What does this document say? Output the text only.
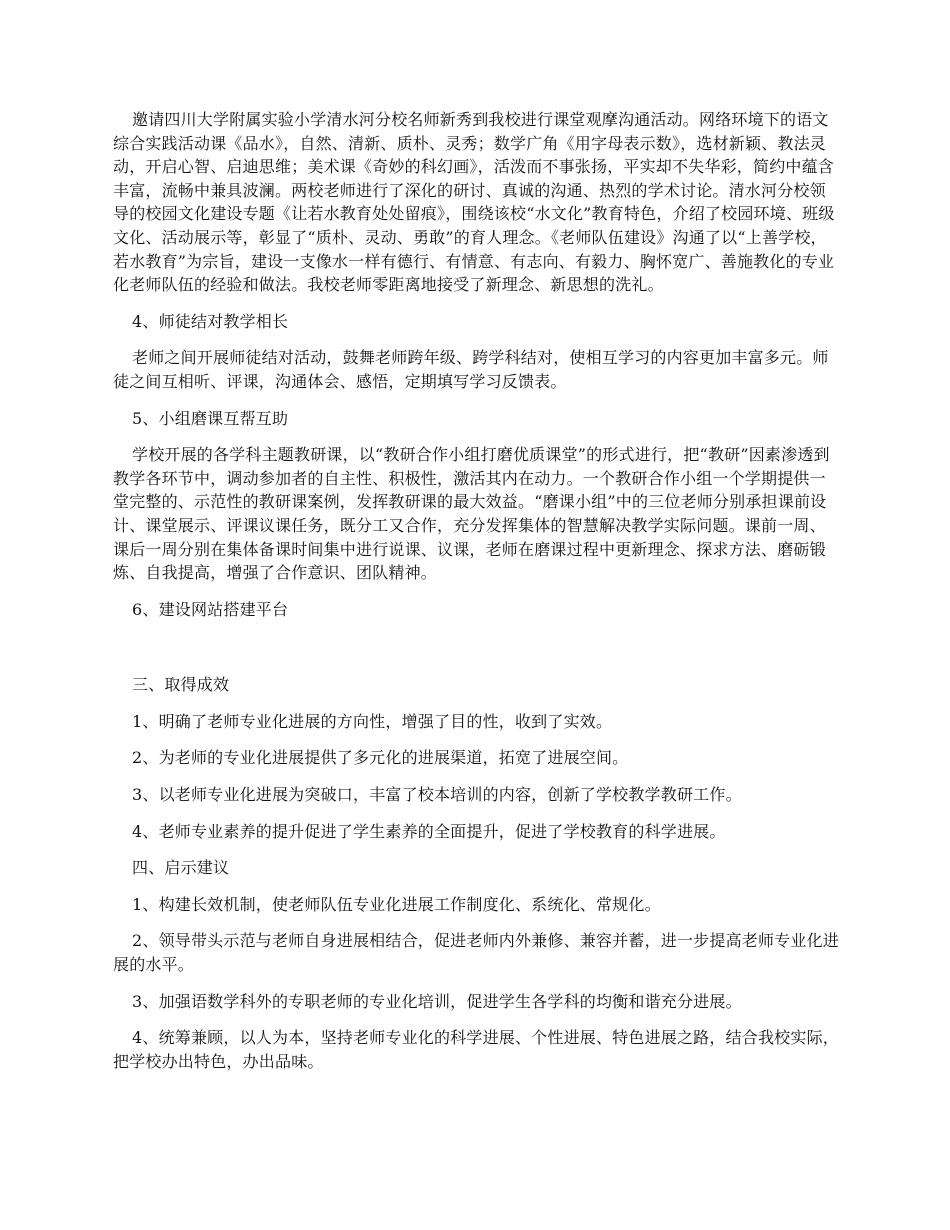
邀请四川大学附属实验小学清水河分校名师新秀到我校进行课堂观摩沟通活动。网络环境下的语文综合实践活动课《品水》，自然、清新、质朴、灵秀；数学广角《用字母表示数》，选材新颖、教法灵动，开启心智、启迪思维；美术课《奇妙的科幻画》，活泼而不事张扬，平实却不失华彩，简约中蕴含丰富，流畅中兼具波澜。两校老师进行了深化的研讨、真诚的沟通、热烈的学术讨论。清水河分校领导的校园文化建设专题《让若水教育处处留痕》，围绕该校“水文化”教育特色，介绍了校园环境、班级文化、活动展示等，彰显了“质朴、灵动、勇敢”的育人理念。《老师队伍建设》沟通了以“上善学校，若水教育”为宗旨，建设一支像水一样有德行、有情意、有志向、有毅力、胸怀宽广、善施教化的专业化老师队伍的经验和做法。我校老师零距离地接受了新理念、新思想的洗礼。

4、师徒结对教学相长

老师之间开展师徒结对活动，鼓舞老师跨年级、跨学科结对，使相互学习的内容更加丰富多元。师徒之间互相听、评课，沟通体会、感悟，定期填写学习反馈表。

5、小组磨课互帮互助

学校开展的各学科主题教研课，以“教研合作小组打磨优质课堂”的形式进行，把“教研”因素渗透到教学各环节中，调动参加者的自主性、积极性，激活其内在动力。一个教研合作小组一个学期提供一堂完整的、示范性的教研课案例，发挥教研课的最大效益。“磨课小组”中的三位老师分别承担课前设计、课堂展示、评课议课任务，既分工又合作，充分发挥集体的智慧解决教学实际问题。课前一周、课后一周分别在集体备课时间集中进行说课、议课，老师在磨课过程中更新理念、探求方法、磨砺锻炼、自我提高，增强了合作意识、团队精神。

6、建设网站搭建平台

三、取得成效

1、明确了老师专业化进展的方向性，增强了目的性，收到了实效。

2、为老师的专业化进展提供了多元化的进展渠道，拓宽了进展空间。

3、以老师专业化进展为突破口，丰富了校本培训的内容，创新了学校教学教研工作。

4、老师专业素养的提升促进了学生素养的全面提升，促进了学校教育的科学进展。

四、启示建议

1、构建长效机制，使老师队伍专业化进展工作制度化、系统化、常规化。

2、领导带头示范与老师自身进展相结合，促进老师内外兼修、兼容并蓄，进一步提高老师专业化进展的水平。

3、加强语数学科外的专职老师的专业化培训，促进学生各学科的均衡和谐充分进展。

4、统筹兼顾，以人为本，坚持老师专业化的科学进展、个性进展、特色进展之路，结合我校实际，把学校办出特色，办出品味。
